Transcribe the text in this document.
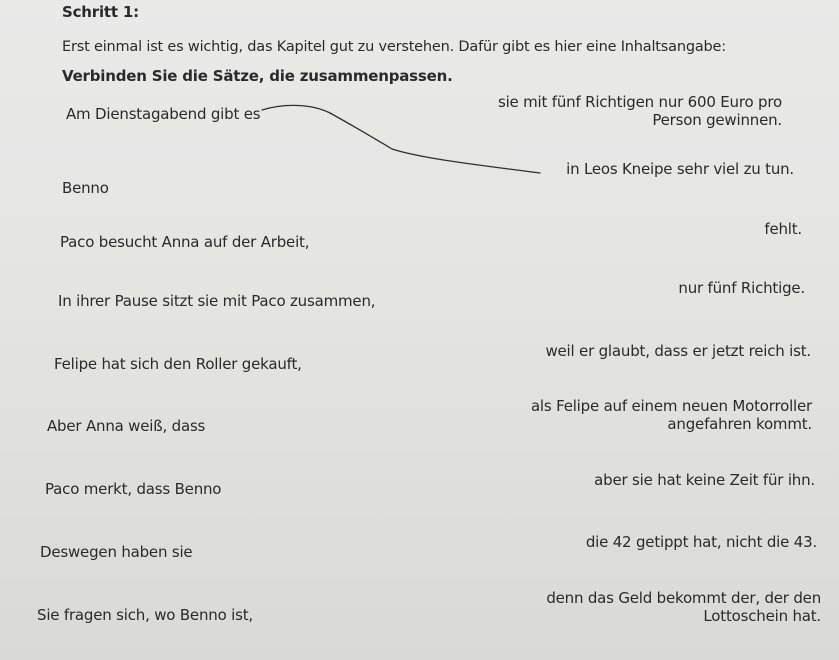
Schritt 1:
Erst einmal ist es wichtig, das Kapitel gut zu verstehen. Dafür gibt es hier eine Inhaltsangabe:
Verbinden Sie die Sätze, die zusammenpassen.
Am Dienstagabend gibt es
Benno
Paco besucht Anna auf der Arbeit,
In ihrer Pause sitzt sie mit Paco zusammen,
Felipe hat sich den Roller gekauft,
Aber Anna weiß, dass
Paco merkt, dass Benno
Deswegen haben sie
Sie fragen sich, wo Benno ist,
sie mit fünf Richtigen nur 600 Euro pro
Person gewinnen.
in Leos Kneipe sehr viel zu tun.
fehlt.
nur fünf Richtige.
weil er glaubt, dass er jetzt reich ist.
als Felipe auf einem neuen Motorroller
angefahren kommt.
aber sie hat keine Zeit für ihn.
die 42 getippt hat, nicht die 43.
denn das Geld bekommt der, der den
Lottoschein hat.
